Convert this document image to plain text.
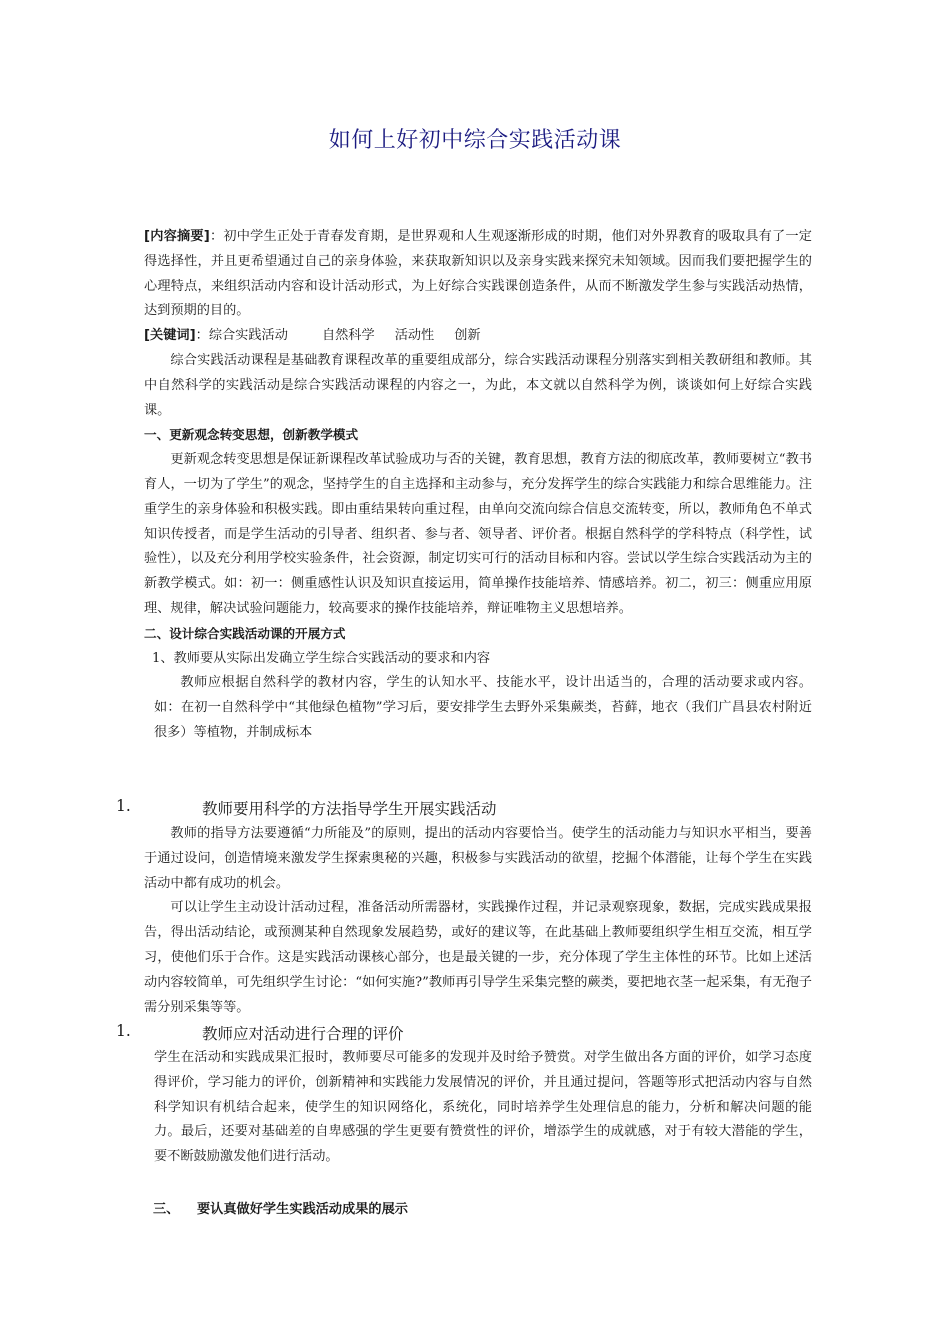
如何上好初中综合实践活动课

[内容摘要]：初中学生正处于青春发育期，是世界观和人生观逐渐形成的时期，他们对外界教育的吸取具有了一定得选择性，并且更希望通过自己的亲身体验，来获取新知识以及亲身实践来探究未知领域。因而我们要把握学生的心理特点，来组织活动内容和设计活动形式，为上好综合实践课创造条件，从而不断激发学生参与实践活动热情，达到预期的目的。

[关键词]：综合实践活动	自然科学 活动性 创新

综合实践活动课程是基础教育课程改革的重要组成部分，综合实践活动课程分别落实到相关教研组和教师。其中自然科学的实践活动是综合实践活动课程的内容之一，为此，本文就以自然科学为例，谈谈如何上好综合实践课。

一、更新观念转变思想，创新教学模式

更新观念转变思想是保证新课程改革试验成功与否的关键，教育思想，教育方法的彻底改革，教师要树立“教书育人，一切为了学生”的观念，坚持学生的自主选择和主动参与，充分发挥学生的综合实践能力和综合思维能力。注重学生的亲身体验和积极实践。即由重结果转向重过程，由单向交流向综合信息交流转变，所以，教师角色不单式知识传授者，而是学生活动的引导者、组织者、参与者、领导者、评价者。根据自然科学的学科特点（科学性，试验性），以及充分利用学校实验条件，社会资源，制定切实可行的活动目标和内容。尝试以学生综合实践活动为主的新教学模式。如：初一：侧重感性认识及知识直接运用，简单操作技能培养、情感培养。初二，初三：侧重应用原理、规律，解决试验问题能力，较高要求的操作技能培养，辩证唯物主义思想培养。

二、设计综合实践活动课的开展方式

1、教师要从实际出发确立学生综合实践活动的要求和内容

教师应根据自然科学的教材内容，学生的认知水平、技能水平，设计出适当的，合理的活动要求或内容。如：在初一自然科学中“其他绿色植物”学习后，要安排学生去野外采集蕨类，苔藓，地衣（我们广昌县农村附近很多）等植物，并制成标本

1.	教师要用科学的方法指导学生开展实践活动

教师的指导方法要遵循“力所能及”的原则，提出的活动内容要恰当。使学生的活动能力与知识水平相当，要善于通过设问，创造情境来激发学生探索奥秘的兴趣，积极参与实践活动的欲望，挖掘个体潜能，让每个学生在实践活动中都有成功的机会。

可以让学生主动设计活动过程，准备活动所需器材，实践操作过程，并记录观察现象，数据，完成实践成果报告，得出活动结论，或预测某种自然现象发展趋势，或好的建议等，在此基础上教师要组织学生相互交流，相互学习，使他们乐于合作。这是实践活动课核心部分，也是最关键的一步，充分体现了学生主体性的环节。比如上述活动内容较简单，可先组织学生讨论：“如何实施?”教师再引导学生采集完整的蕨类，要把地衣茎一起采集，有无孢子需分别采集等等。

1.	教师应对活动进行合理的评价

学生在活动和实践成果汇报时，教师要尽可能多的发现并及时给予赞赏。对学生做出各方面的评价，如学习态度得评价，学习能力的评价，创新精神和实践能力发展情况的评价，并且通过提问，答题等形式把活动内容与自然科学知识有机结合起来，使学生的知识网络化，系统化，同时培养学生处理信息的能力，分析和解决问题的能力。最后，还要对基础差的自卑感强的学生更要有赞赏性的评价，增添学生的成就感，对于有较大潜能的学生，要不断鼓励激发他们进行活动。

三、 要认真做好学生实践活动成果的展示
